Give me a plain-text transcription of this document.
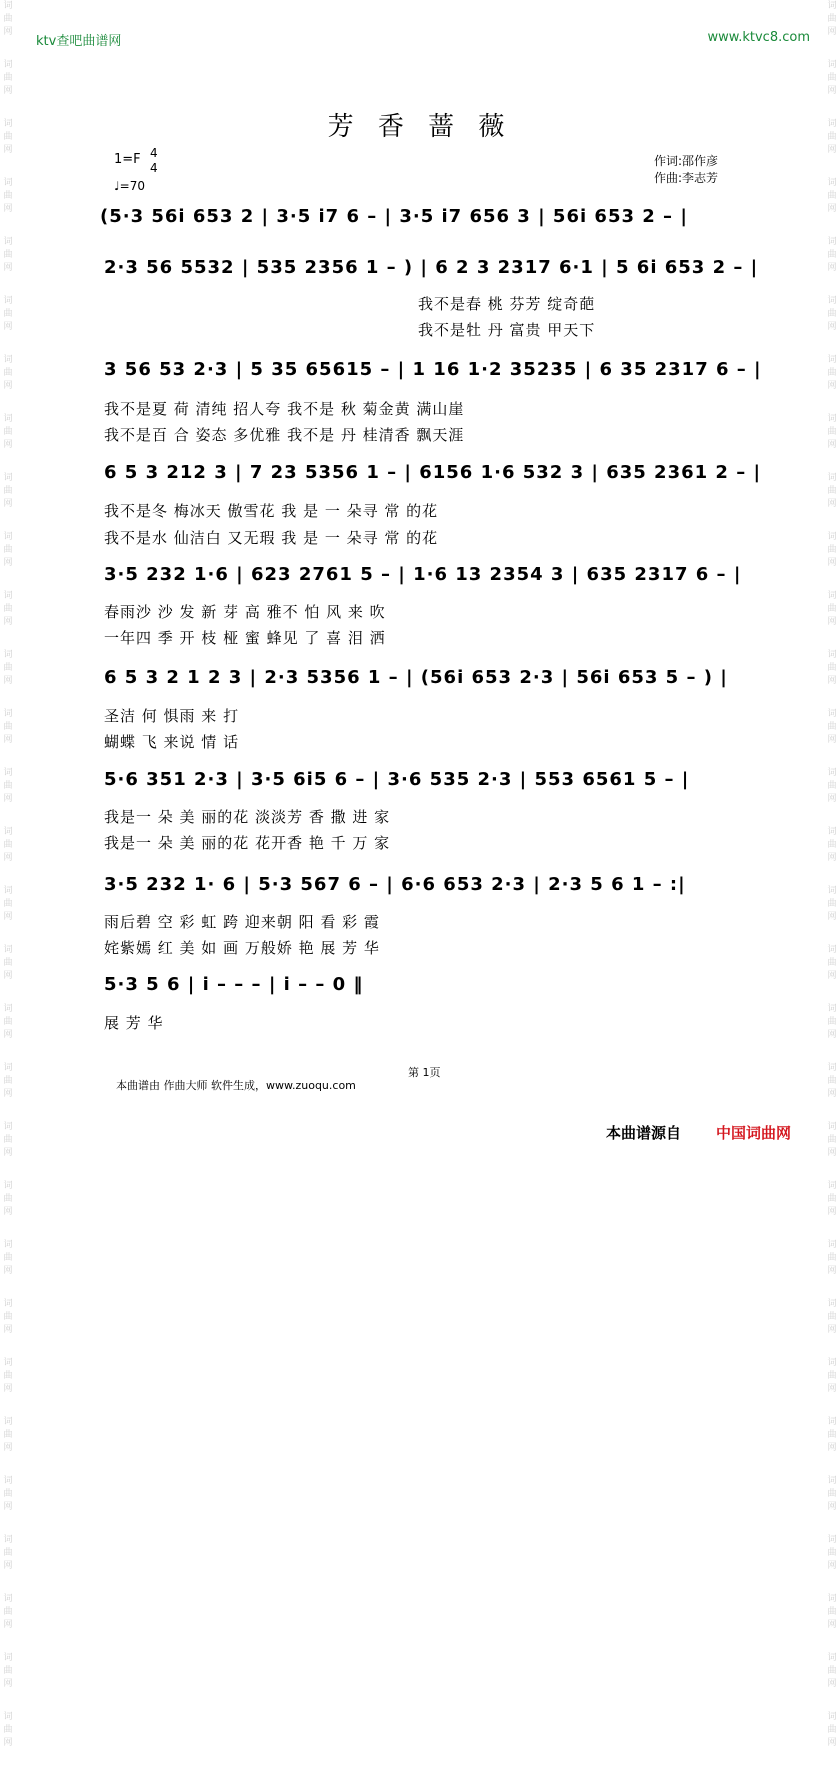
词
曲
网
词
曲
网
词
曲
网
词
曲
网
词
曲
网
词
曲
网
词
曲
网
词
曲
网
词
曲
网
词
曲
网
词
曲
网
词
曲
网
词
曲
网
词
曲
网
词
曲
网
词
曲
网
词
曲
网
词
曲
网
词
曲
网
词
曲
网
词
曲
网
词
曲
网
词
曲
网
词
曲
网
词
曲
网
词
曲
网
词
曲
网
词
曲
网
词
曲
网
词
曲
网
词
曲
网
词
曲
网
词
曲
网
词
曲
网
词
曲
网
词
曲
网
词
曲
网
词
曲
网
词
曲
网
词
曲
网
词
曲
网
词
曲
网
词
曲
网
词
曲
网
词
曲
网
词
曲
网
词
曲
网
词
曲
网
词
曲
网
词
曲
网
词
曲
网
词
曲
网
词
曲
网
词
曲
网
词
曲
网
词
曲
网
词
曲
网
词
曲
网
词
曲
网
词
曲
网
ktv查吧曲谱网	www.ktvc8.com
芳 香 蔷 薇
1=F 4
4
♩=70
作词:邵作彦
作曲:李志芳
(5·3 56i 653 2 | 3·5 i7 6 – | 3·5 i7 656 3 | 56i 653 2 – |
2·3 56 5532 | 535 2356 1 – ) | 6 2 3 2317 6·1 | 5 6i 653 2 – |
我不是春 桃 芬芳 绽奇葩
我不是牡 丹 富贵 甲天下
3 56 53 2·3 | 5 35 65615 – | 1 16 1·2 35235 | 6 35 2317 6 – |
我不是夏 荷 清纯 招人夸 我不是 秋 菊金黄 满山崖
我不是百 合 姿态 多优雅 我不是 丹 桂清香 飘天涯
6 5 3 212 3 | 7 23 5356 1 – | 6156 1·6 532 3 | 635 2361 2 – |
我不是冬 梅冰天 傲雪花 我 是 一 朵寻 常 的花
我不是水 仙洁白 又无瑕 我 是 一 朵寻 常 的花
3·5 232 1·6 | 623 2761 5 – | 1·6 13 2354 3 | 635 2317 6 – |
春雨沙 沙 发 新 芽 高 雅不 怕 风 来 吹
一年四 季 开 枝 桠 蜜 蜂见 了 喜 泪 洒
6 5 3 2 1 2 3 | 2·3 5356 1 – | (56i 653 2·3 | 56i 653 5 – ) |
圣洁 何 惧雨 来 打
蝴蝶 飞 来说 情 话
5·6 351 2·3 | 3·5 6i5 6 – | 3·6 535 2·3 | 553 6561 5 – |
我是一 朵 美 丽的花 淡淡芳 香 撒 进 家
我是一 朵 美 丽的花 花开香 艳 千 万 家
3·5 232 1· 6 | 5·3 567 6 – | 6·6 653 2·3 | 2·3 5 6 1 – :|
雨后碧 空 彩 虹 跨 迎来朝 阳 看 彩 霞
姹紫嫣 红 美 如 画 万般娇 艳 展 芳 华
5·3 5 6 | i – – – | i – – 0 ‖
展 芳 华
第 1页
本曲谱由 作曲大师 软件生成，www.zuoqu.com
本曲谱源自 中国词曲网
